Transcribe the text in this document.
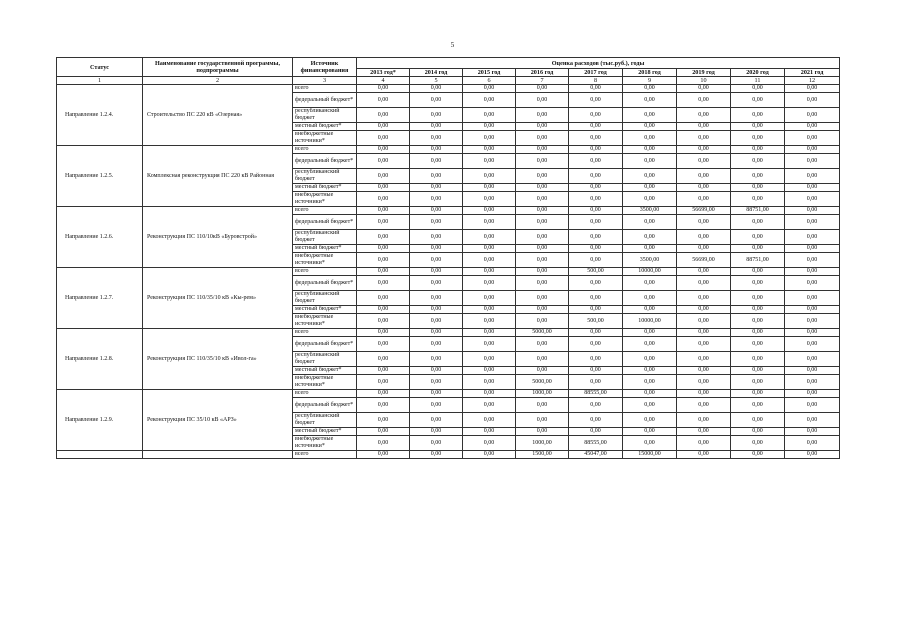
5
Статус	Наименование государственной программы, подпрограммы	Источник финансирования	Оценка расходов (тыс.руб.), годы								
			2013 год*	2014 год	2015 год	2016 год	2017 год	2018 год	2019 год	2020 год	2021 год
1	2	3	4	5	6	7	8	9	10	11	12
Направление 1.2.4.	Строительство ПС 220 кВ «Озерная»	всего	0,00	0,00	0,00	0,00	0,00	0,00	0,00	0,00	0,00
		федеральный бюджет*	0,00	0,00	0,00	0,00	0,00	0,00	0,00	0,00	0,00
		республиканский бюджет	0,00	0,00	0,00	0,00	0,00	0,00	0,00	0,00	0,00
		местный бюджет*	0,00	0,00	0,00	0,00	0,00	0,00	0,00	0,00	0,00
		внебюджетные источники*	0,00	0,00	0,00	0,00	0,00	0,00	0,00	0,00	0,00
Направление 1.2.5.	Комплексная реконструкция ПС 220 кВ Районная	всего	0,00	0,00	0,00	0,00	0,00	0,00	0,00	0,00	0,00
		федеральный бюджет*	0,00	0,00	0,00	0,00	0,00	0,00	0,00	0,00	0,00
		республиканский бюджет	0,00	0,00	0,00	0,00	0,00	0,00	0,00	0,00	0,00
		местный бюджет*	0,00	0,00	0,00	0,00	0,00	0,00	0,00	0,00	0,00
		внебюджетные источники*	0,00	0,00	0,00	0,00	0,00	0,00	0,00	0,00	0,00
Направление 1.2.6.	Реконструкция ПС 110/10кВ «Буровстрой»	всего	0,00	0,00	0,00	0,00	0,00	3500,00	56699,00	88751,00	0,00
		федеральный бюджет*	0,00	0,00	0,00	0,00	0,00	0,00	0,00	0,00	0,00
		республиканский бюджет	0,00	0,00	0,00	0,00	0,00	0,00	0,00	0,00	0,00
		местный бюджет*	0,00	0,00	0,00	0,00	0,00	0,00	0,00	0,00	0,00
		внебюджетные источники*	0,00	0,00	0,00	0,00	0,00	3500,00	56699,00	88751,00	0,00
Направление 1.2.7.	Реконструкция ПС 110/35/10 кВ «Кы-рем»	всего	0,00	0,00	0,00	0,00	500,00	10000,00	0,00	0,00	0,00
		федеральный бюджет*	0,00	0,00	0,00	0,00	0,00	0,00	0,00	0,00	0,00
		республиканский бюджет	0,00	0,00	0,00	0,00	0,00	0,00	0,00	0,00	0,00
		местный бюджет*	0,00	0,00	0,00	0,00	0,00	0,00	0,00	0,00	0,00
		внебюджетные источники*	0,00	0,00	0,00	0,00	500,00	10000,00	0,00	0,00	0,00
Направление 1.2.8.	Реконструкция ПС 110/35/10 кВ «Ивол-га»	всего	0,00	0,00	0,00	5000,00	0,00	0,00	0,00	0,00	0,00
		федеральный бюджет*	0,00	0,00	0,00	0,00	0,00	0,00	0,00	0,00	0,00
		республиканский бюджет	0,00	0,00	0,00	0,00	0,00	0,00	0,00	0,00	0,00
		местный бюджет*	0,00	0,00	0,00	0,00	0,00	0,00	0,00	0,00	0,00
		внебюджетные источники*	0,00	0,00	0,00	5000,00	0,00	0,00	0,00	0,00	0,00
Направление 1.2.9.	Реконструкция ПС 35/10 кВ «АРЗ»	всего	0,00	0,00	0,00	1000,00	88555,00	0,00	0,00	0,00	0,00
		федеральный бюджет*	0,00	0,00	0,00	0,00	0,00	0,00	0,00	0,00	0,00
		республиканский бюджет	0,00	0,00	0,00	0,00	0,00	0,00	0,00	0,00	0,00
		местный бюджет*	0,00	0,00	0,00	0,00	0,00	0,00	0,00	0,00	0,00
		внебюджетные источники*	0,00	0,00	0,00	1000,00	88555,00	0,00	0,00	0,00	0,00
		всего	0,00	0,00	0,00	1500,00	45047,00	15000,00	0,00	0,00	0,00
